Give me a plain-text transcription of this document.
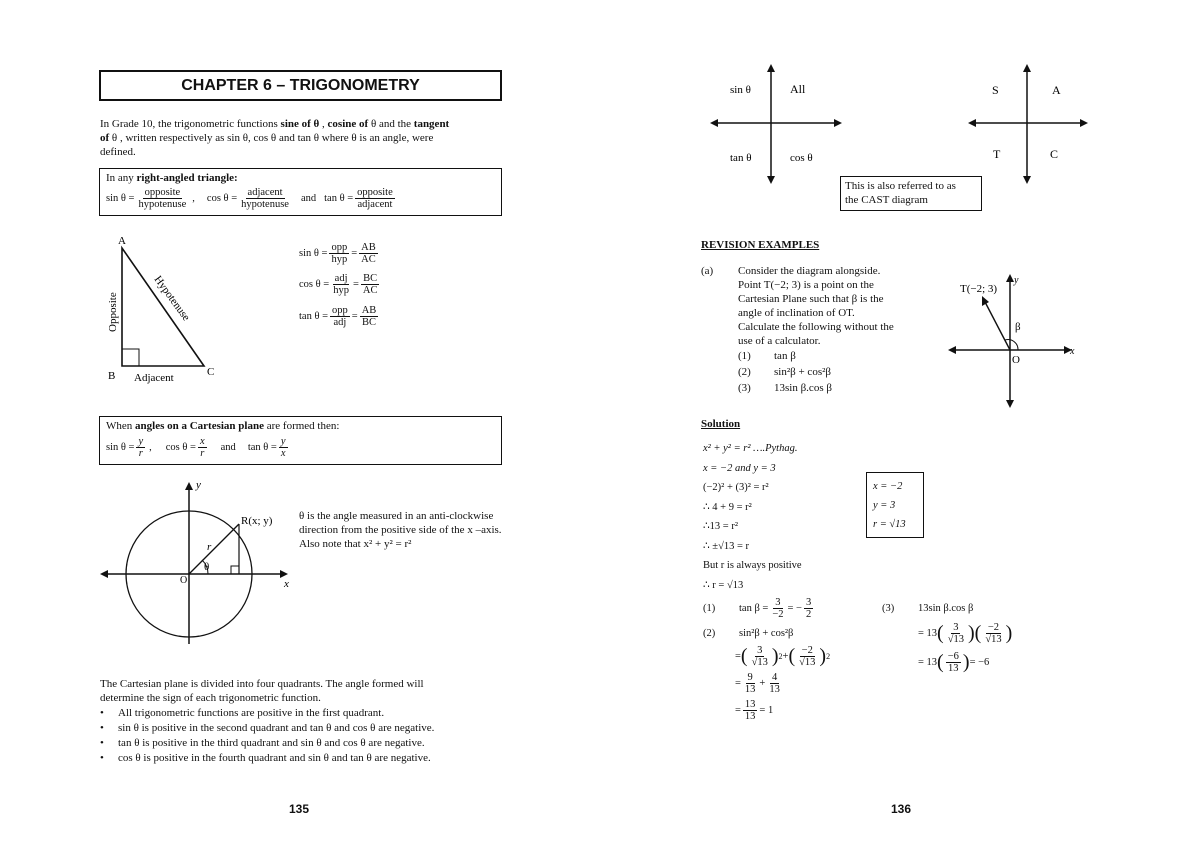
CHAPTER 6 – TRIGONOMETRY
In Grade 10, the trigonometric functions sine of θ , cosine of θ and the tangent
of θ , written respectively as sin θ, cos θ and tan θ where θ is an angle, were
defined.
In any right-angled triangle:
$\sin \theta = \frac{\text{opposite}}{\text{hypotenuse}}$ , $\cos \theta = \frac{\text{adjacent}}{\text{hypotenuse}}$ and $\tan \theta = \frac{\text{opposite}}{\text{adjacent}}$
A
B	C
Opposite	Hypotenuse
Adjacent
$\sin \theta = \frac{\text{opp}}{\text{hyp}} = \frac{AB}{AC}$
$\cos \theta = \frac{\text{adj}}{\text{hyp}} = \frac{BC}{AC}$
$\tan \theta = \frac{\text{opp}}{\text{adj}} = \frac{AB}{BC}$
When angles on a Cartesian plane are formed then:
$\sin \theta = \frac{y}{r}$ , $\cos \theta = \frac{x}{r}$ and $\tan \theta = \frac{y}{x}$
y
x
O
R(x; y)
r
θ
θ is the angle measured in an anti-clockwise
direction from the positive side of the x –axis.
Also note that x² + y² = r²
The Cartesian plane is divided into four quadrants. The angle formed will
determine the sign of each trigonometric function.
• All trigonometric functions are positive in the first quadrant.
• sin θ is positive in the second quadrant and tan θ and cos θ are negative.
• tan θ is positive in the third quadrant and sin θ and cos θ are negative.
• cos θ is positive in the fourth quadrant and sin θ and tan θ are negative.
135
sin θ	All
tan θ	cos θ
S	A
T	C
This is also referred to as
the CAST diagram
REVISION EXAMPLES
(a) Consider the diagram alongside.
Point T(−2; 3) is a point on the
Cartesian Plane such that β is the
angle of inclination of OT.
Calculate the following without the
use of a calculator.
(1)	tan β
(2)	sin²β + cos²β
(3)	13sin β.cos β
T(−2; 3)
y
x
O
β
Solution
x² + y² = r² ….Pythag.
x = −2 and y = 3
(−2)² + (3)² = r²
∴ 4 + 9 = r²
∴13 = r²
∴ ±√13 = r
But r is always positive
∴ r = √13
x = −2
y = 3
r = √13
(1)	$\tan \beta = \frac{3}{-2}$ = − $\frac{3}{2}$
(2)	sin²β + cos²β
= ( $\frac{3}{√13}$ ) 2 + ( $\frac{-2}{√13}$ ) 2
= $\frac{9}{13} + \frac{4}{13}$
= $\frac{13}{13} = 1$
(3)	13sin β.cos β
= 13 ( $\frac{3}{√13}$ )( $\frac{-2}{√13}$ )
= 13 ( $\frac{-6}{13}$ ) = −6
136
